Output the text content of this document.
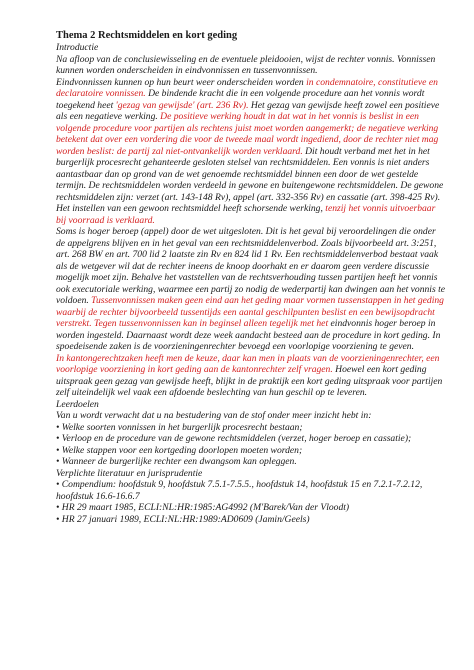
Thema 2 Rechtsmiddelen en kort geding

Introductie

Na afloop van de conclusiewisseling en de eventuele pleidooien, wijst de rechter vonnis. Vonnissen kunnen worden onderscheiden in eindvonnissen en tussenvonnissen.

Eindvonnissen kunnen op hun beurt weer onderscheiden worden in condemnatoire, constitutieve en declaratoire vonnissen. De bindende kracht die in een volgende procedure aan het vonnis wordt toegekend heet 'gezag van gewijsde' (art. 236 Rv). Het gezag van gewijsde heeft zowel een positieve als een negatieve werking. De positieve werking houdt in dat wat in het vonnis is beslist in een volgende procedure voor partijen als rechtens juist moet worden aangemerkt; de negatieve werking betekent dat over een vordering die voor de tweede maal wordt ingediend, door de rechter niet mag worden beslist: de partij zal niet-ontvankelijk worden verklaard. Dit houdt verband met het in het burgerlijk procesrecht gehanteerde gesloten stelsel van rechtsmiddelen. Een vonnis is niet anders aantastbaar dan op grond van de wet genoemde rechtsmiddel binnen een door de wet gestelde termijn. De rechtsmiddelen worden verdeeld in gewone en buitengewone rechtsmiddelen. De gewone rechtsmiddelen zijn: verzet (art. 143-148 Rv), appel (art. 332-356 Rv) en cassatie (art. 398-425 Rv). Het instellen van een gewoon rechtsmiddel heeft schorsende werking, tenzij het vonnis uitvoerbaar bij voorraad is verklaard.

Soms is hoger beroep (appel) door de wet uitgesloten. Dit is het geval bij veroordelingen die onder de appelgrens blijven en in het geval van een rechtsmiddelenverbod. Zoals bijvoorbeeld art. 3:251, art. 268 BW en art. 700 lid 2 laatste zin Rv en 824 lid 1 Rv. Een rechtsmiddelenverbod bestaat vaak als de wetgever wil dat de rechter ineens de knoop doorhakt en er daarom geen verdere discussie mogelijk moet zijn. Behalve het vaststellen van de rechtsverhouding tussen partijen heeft het vonnis ook executoriale werking, waarmee een partij zo nodig de wederpartij kan dwingen aan het vonnis te voldoen. Tussenvonnissen maken geen eind aan het geding maar vormen tussenstappen in het geding waarbij de rechter bijvoorbeeld tussentijds een aantal geschilpunten beslist en een bewijsopdracht verstrekt. Tegen tussenvonnissen kan in beginsel alleen tegelijk met het eindvonnis hoger beroep in worden ingesteld. Daarnaast wordt deze week aandacht besteed aan de procedure in kort geding. In spoedeisende zaken is de voorzieningenrechter bevoegd een voorlopige voorziening te geven.

In kantongerechtzaken heeft men de keuze, daar kan men in plaats van de voorzieningenrechter, een voorlopige voorziening in kort geding aan de kantonrechter zelf vragen. Hoewel een kort geding uitspraak geen gezag van gewijsde heeft, blijkt in de praktijk een kort geding uitspraak voor partijen zelf uiteindelijk wel vaak een afdoende beslechting van hun geschil op te leveren.

Leerdoelen

Van u wordt verwacht dat u na bestudering van de stof onder meer inzicht hebt in:

• Welke soorten vonnissen in het burgerlijk procesrecht bestaan;
• Verloop en de procedure van de gewone rechtsmiddelen (verzet, hoger beroep en cassatie);
• Welke stappen voor een kortgeding doorlopen moeten worden;
• Wanneer de burgerlijke rechter een dwangsom kan opleggen.

Verplichte literatuur en jurisprudentie

• Compendium: hoofdstuk 9, hoofdstuk 7.5.1-7.5.5., hoofdstuk 14, hoofdstuk 15 en 7.2.1-7.2.12, hoofdstuk 16.6-16.6.7
• HR 29 maart 1985, ECLI:NL:HR:1985:AG4992 (M'Barek/Van der Vloodt)
• HR 27 januari 1989, ECLI:NL:HR:1989:AD0609 (Jamin/Geels)
